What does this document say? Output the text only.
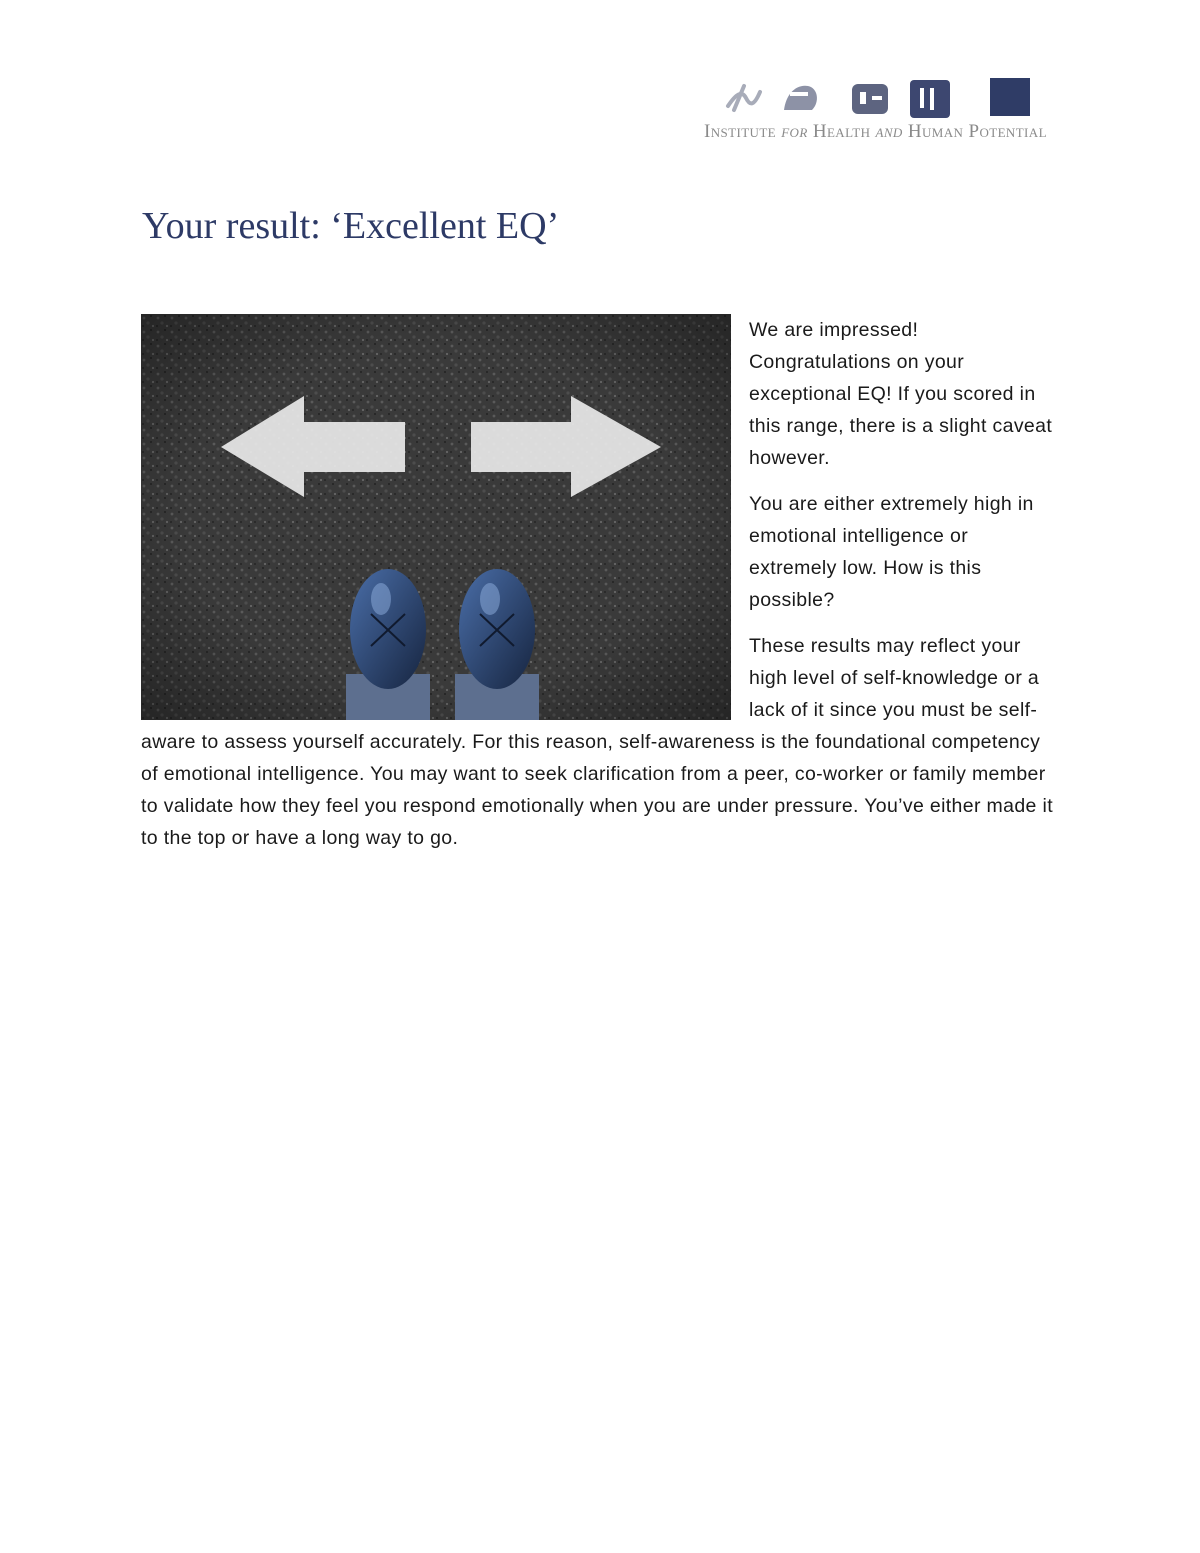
Institute for Health and Human Potential
Your result: ‘Excellent EQ’

We are impressed! Congratulations on your exceptional EQ! If you scored in this range, there is a slight caveat however.

You are either extremely high in emotional intelligence or extremely low. How is this possible?

These results may reflect your high level of self-knowledge or a lack of it since you must be self-aware to assess yourself accurately. For this reason, self-awareness is the foundational competency of emotional intelligence. You may want to seek clarification from a peer, co-worker or family member to validate how they feel you respond emotionally when you are under pressure. You’ve either made it to the top or have a long way to go.
